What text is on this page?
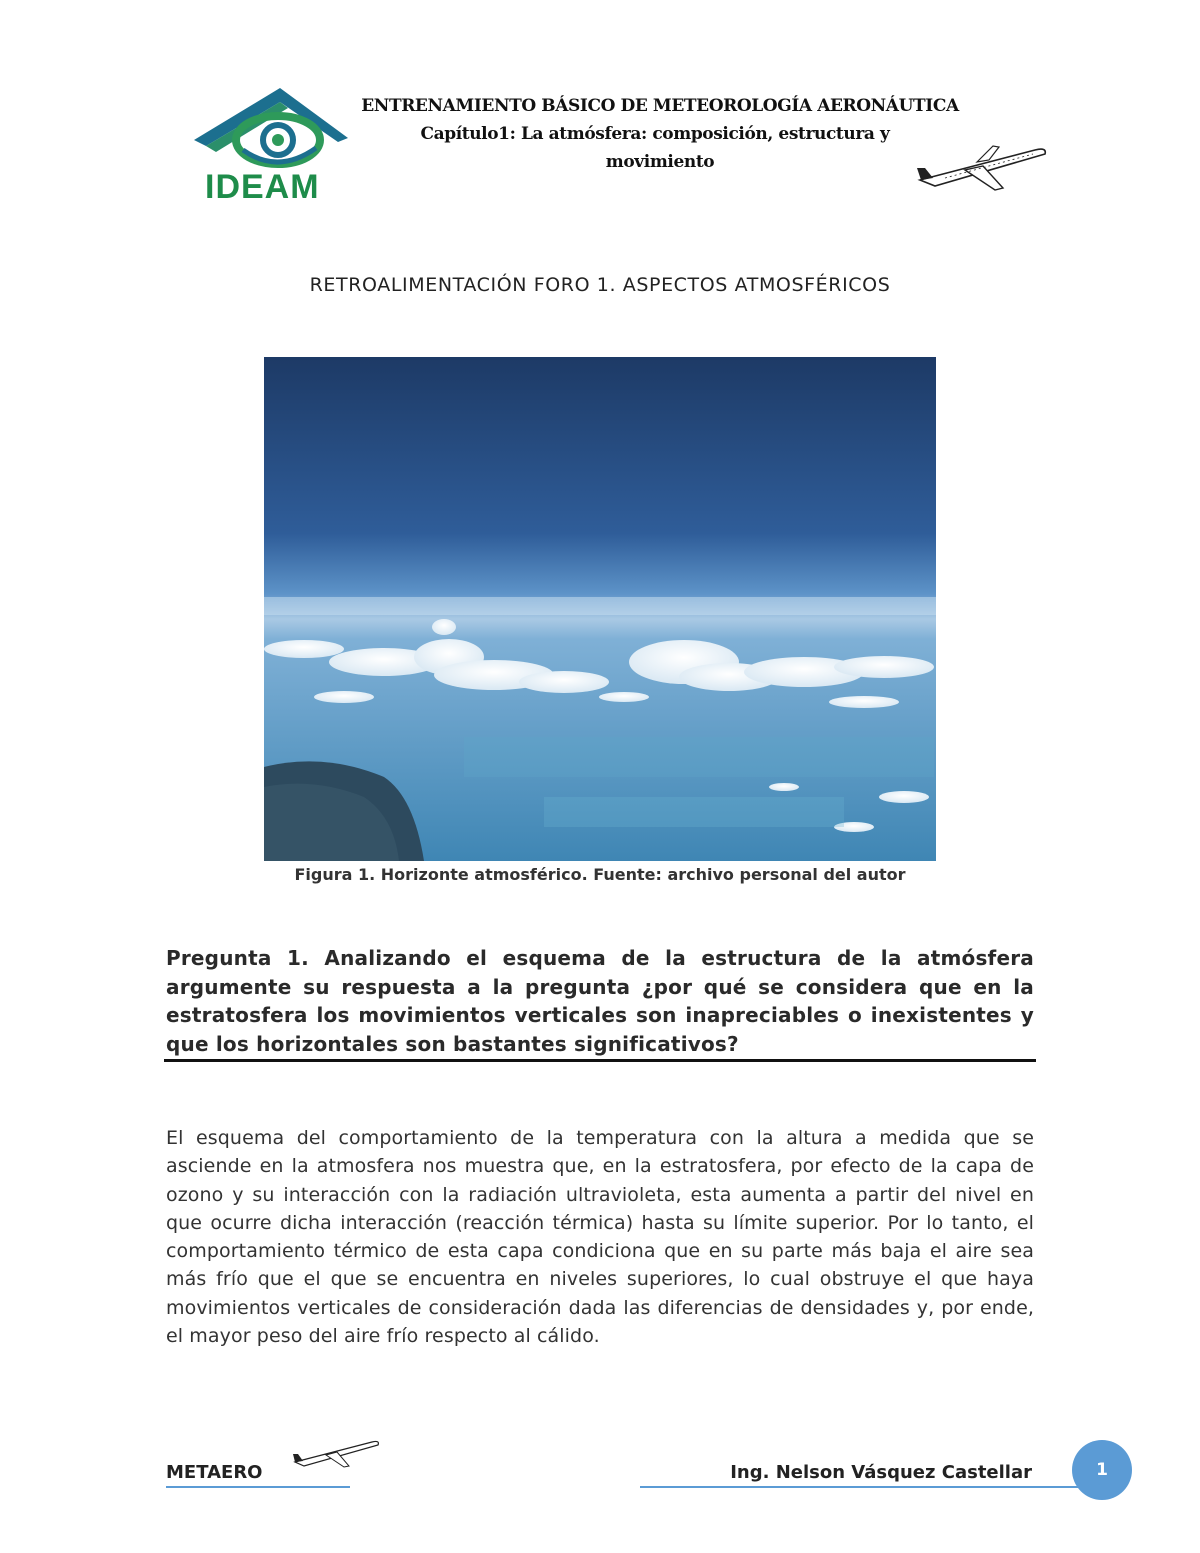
IDEAM
ENTRENAMIENTO BÁSICO DE METEOROLOGÍA AERONÁUTICA
Capítulo1: La atmósfera: composición, estructura y
movimiento
RETROALIMENTACIÓN FORO 1. ASPECTOS ATMOSFÉRICOS
Figura 1. Horizonte atmosférico. Fuente: archivo personal del autor
Pregunta 1. Analizando el esquema de la estructura de la atmósfera argumente su respuesta a la pregunta ¿por qué se considera que en la estratosfera los movimientos verticales son inapreciables o inexistentes y que los horizontales son bastantes significativos?
El esquema del comportamiento de la temperatura con la altura a medida que se asciende en la atmosfera nos muestra que, en la estratosfera, por efecto de la capa de ozono y su interacción con la radiación ultravioleta, esta aumenta a partir del nivel en que ocurre dicha interacción (reacción térmica) hasta su límite superior. Por lo tanto, el comportamiento térmico de esta capa condiciona que en su parte más baja el aire sea más frío que el que se encuentra en niveles superiores, lo cual obstruye el que haya movimientos verticales de consideración dada las diferencias de densidades y, por ende, el mayor peso del aire frío respecto al cálido.
METAERO	Ing. Nelson Vásquez Castellar	1
